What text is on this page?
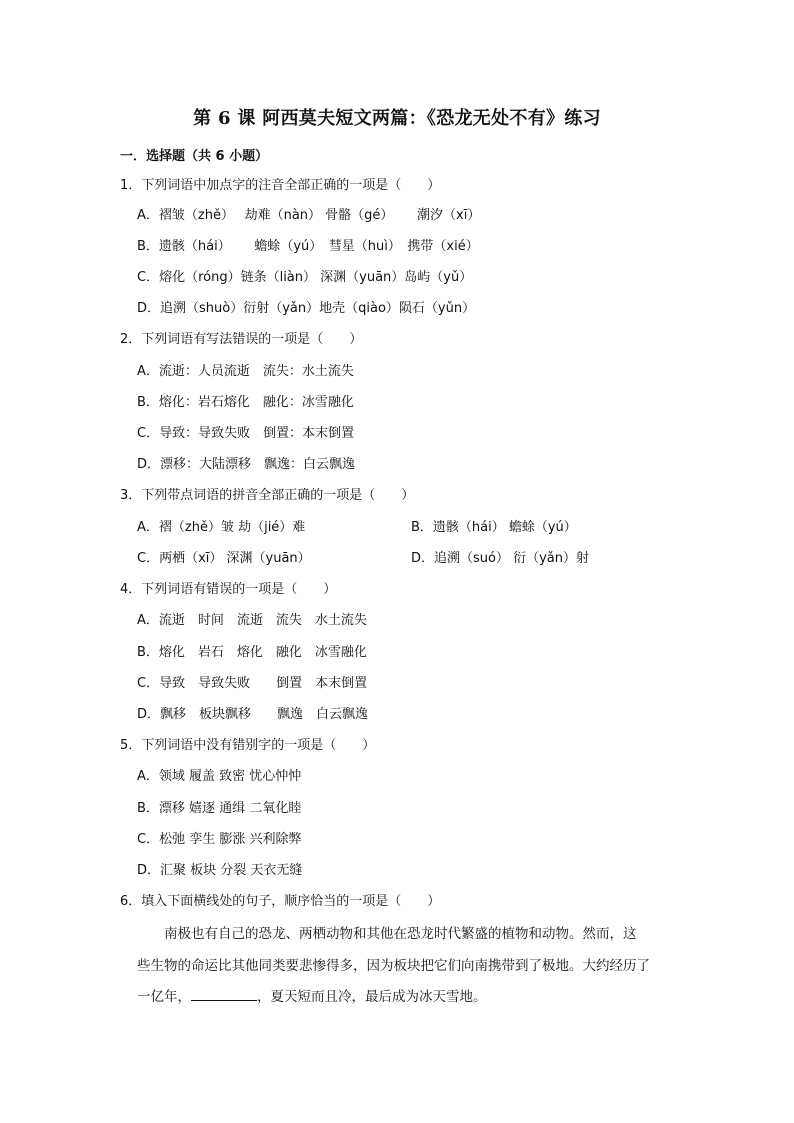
第 6 课 阿西莫夫短文两篇：《恐龙无处不有》练习
一．选择题（共 6 小题）
1．下列词语中加点字的注音全部正确的一项是（　　）
A．褶皱（zhě）　 劫难（nàn） 骨骼（gé）　　 潮汐（xī）
B．遗骸（hái）　　 蟾蜍（yú）　彗星（huì）　携带（xié）
C．熔化（róng）链条（liàn） 深渊（yuān）岛屿（yǔ）
D．追溯（shuò）衍射（yǎn）地壳（qiào）陨石（yǔn）
2．下列词语有写法错误的一项是（　　）
A．流逝：人员流逝　流失：水土流失
B．熔化：岩石熔化　融化：冰雪融化
C．导致：导致失败　倒置：本末倒置
D．漂移：大陆漂移　飘逸：白云飘逸
3．下列带点词语的拼音全部正确的一项是（　　）
A．褶（zhě）皱 劫（jié）难	B．遗骸（hái） 蟾蜍（yú）
C．两栖（xī） 深渊（yuān）	D．追溯（suó） 衍（yǎn）射
4．下列词语有错误的一项是（　　）
A．流逝　时间　流逝　流失　水土流失
B．熔化　岩石　熔化　融化　冰雪融化
C．导致　导致失败　　倒置　本末倒置
D．飘移　板块飘移　　飘逸　白云飘逸
5．下列词语中没有错别字的一项是（　　）
A．领域 履盖 致密 忧心忡忡
B．漂移 嬉逐 通缉 二氧化睦
C．松弛 孪生 膨涨 兴利除弊
D．汇聚 板块 分裂 天衣无缝
6．填入下面横线处的句子，顺序恰当的一项是（　　）
　　南极也有自己的恐龙、两栖动物和其他在恐龙时代繁盛的植物和动物。然而，这
些生物的命运比其他同类要悲惨得多，因为板块把它们向南携带到了极地。大约经历了
一亿年，	，夏天短而且冷，最后成为冰天雪地。
